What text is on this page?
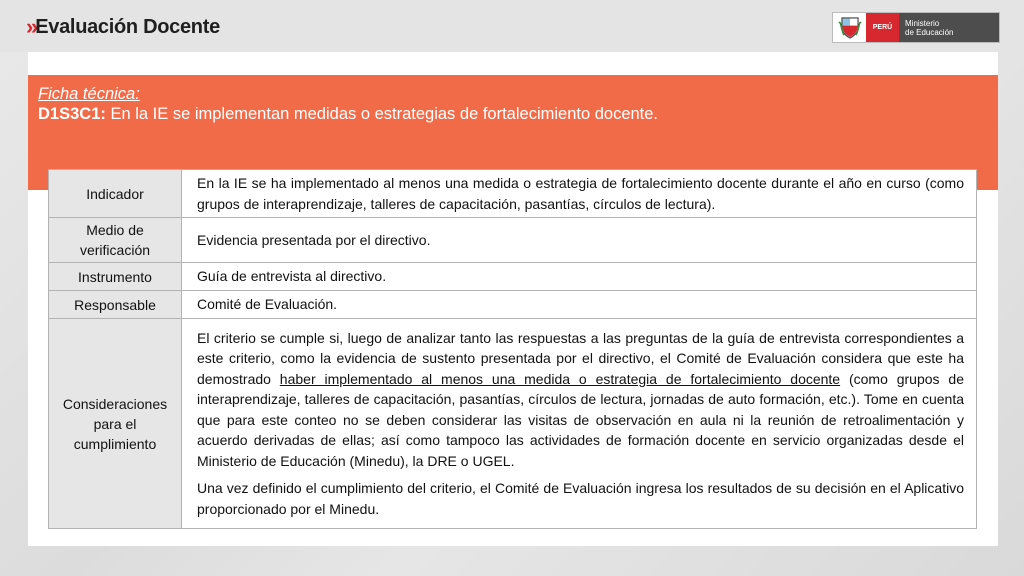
» Evaluación Docente	PERÚ	Ministerio
de Educación
Ficha técnica:
D1S3C1: En la IE se implementan medidas o estrategias de fortalecimiento docente.
Indicador	En la IE se ha implementado al menos una medida o estrategia de fortalecimiento docente durante el año en curso (como grupos de interaprendizaje, talleres de capacitación, pasantías, círculos de lectura).
Medio de verificación	Evidencia presentada por el directivo.
Instrumento	Guía de entrevista al directivo.
Responsable	Comité de Evaluación.
Consideraciones para el cumplimiento	El criterio se cumple si, luego de analizar tanto las respuestas a las preguntas de la guía de entrevista correspondientes a este criterio, como la evidencia de sustento presentada por el directivo, el Comité de Evaluación considera que este ha demostrado haber implementado al menos una medida o estrategia de fortalecimiento docente (como grupos de interaprendizaje, talleres de capacitación, pasantías, círculos de lectura, jornadas de auto formación, etc.). Tome en cuenta que para este conteo no se deben considerar las visitas de observación en aula ni la reunión de retroalimentación y acuerdo derivadas de ellas; así como tampoco las actividades de formación docente en servicio organizadas desde el Ministerio de Educación (Minedu), la DRE o UGEL.
Una vez definido el cumplimiento del criterio, el Comité de Evaluación ingresa los resultados de su decisión en el Aplicativo proporcionado por el Minedu.
